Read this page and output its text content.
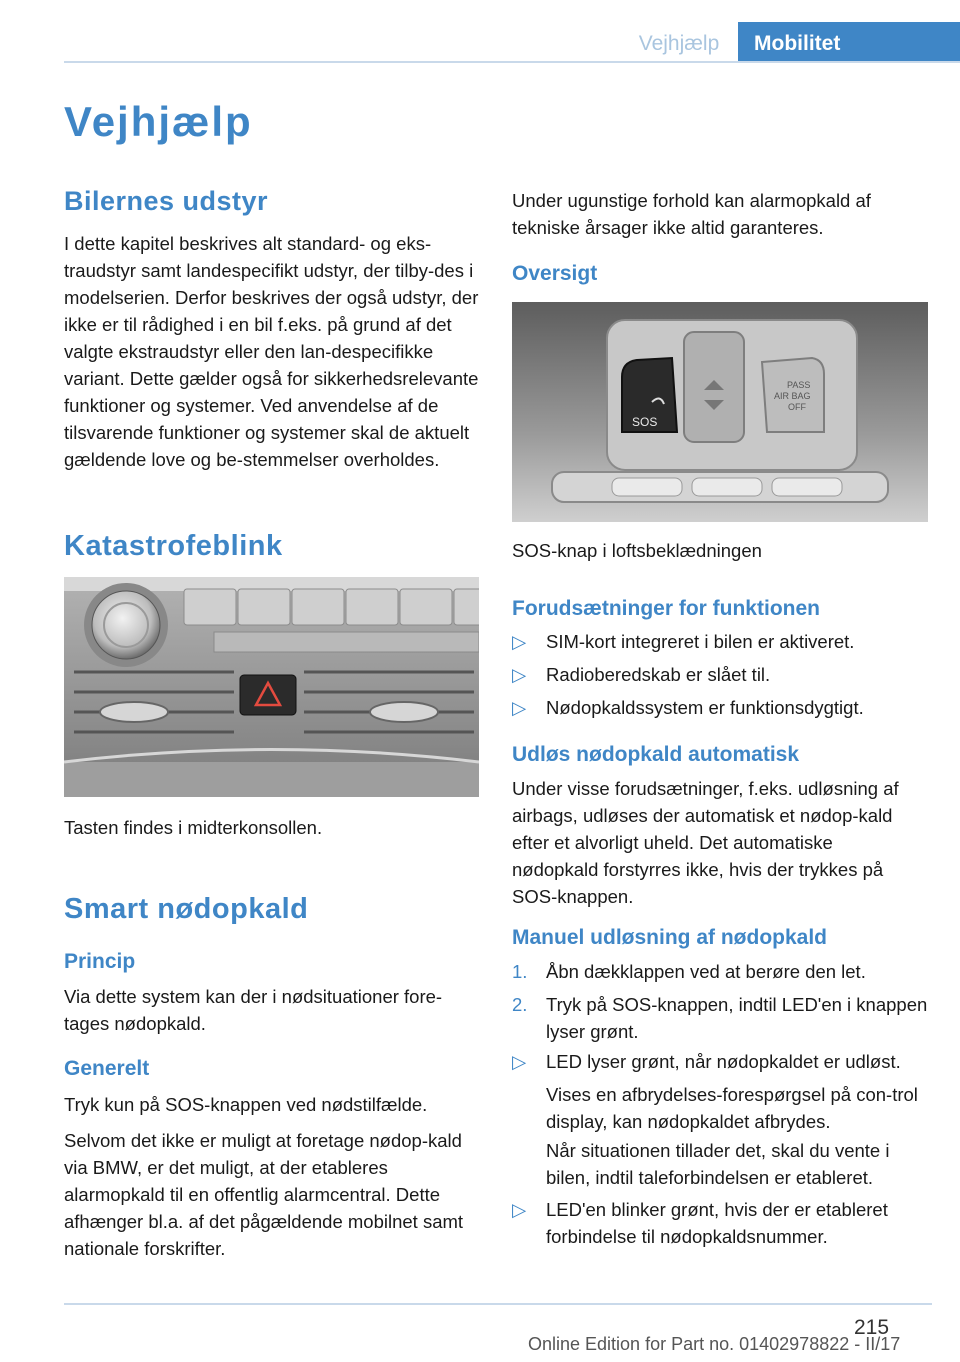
Vejhjælp	Mobilitet
Vejhjælp
Bilernes udstyr

I dette kapitel beskrives alt standard- og eks‐traudstyr samt landespecifikt udstyr, der tilby‐des i modelserien. Derfor beskrives der også udstyr, der ikke er til rådighed i en bil f.eks. på grund af det valgte ekstraudstyr eller den lan‐despecifikke variant. Dette gælder også for sikkerhedsrelevante funktioner og systemer. Ved anvendelse af de tilsvarende funktioner og systemer skal de aktuelt gældende love og be‐stemmelser overholdes.

Katastrofeblink

Tasten findes i midterkonsollen.

Smart nødopkald
Princip

Via dette system kan der i nødsituationer fore‐tages nødopkald.

Generelt

Tryk kun på SOS-knappen ved nødstilfælde.

Selvom det ikke er muligt at foretage nødop‐kald via BMW, er det muligt, at der etableres alarmopkald til en offentlig alarmcentral. Dette afhænger bl.a. af det pågældende mobilnet samt nationale forskrifter.

Under ugunstige forhold kan alarmopkald af tekniske årsager ikke altid garanteres.

Oversigt
SOS
PASS
AIR BAG
OFF

SOS-knap i loftsbeklædningen

Forudsætninger for funktionen
▷	SIM-kort integreret i bilen er aktiveret.
▷	Radioberedskab er slået til.
▷	Nødopkaldssystem er funktionsdygtigt.
Udløs nødopkald automatisk

Under visse forudsætninger, f.eks. udløsning af airbags, udløses der automatisk et nødop‐kald efter et alvorligt uheld. Det automatiske nødopkald forstyrres ikke, hvis der trykkes på SOS-knappen.

Manuel udløsning af nødopkald
1.	Åbn dækklappen ved at berøre den let.
2.	Tryk på SOS-knappen, indtil LED'en i knappen lyser grønt.
▷	LED lyser grønt, når nødopkaldet er udløst.

Vises en afbrydelses-forespørgsel på con‐trol display, kan nødopkaldet afbrydes.

Når situationen tillader det, skal du vente i bilen, indtil taleforbindelsen er etableret.

▷	LED'en blinker grønt, hvis der er etableret forbindelse til nødopkaldsnummer.
215
Online Edition for Part no. 01402978822 - II/17
